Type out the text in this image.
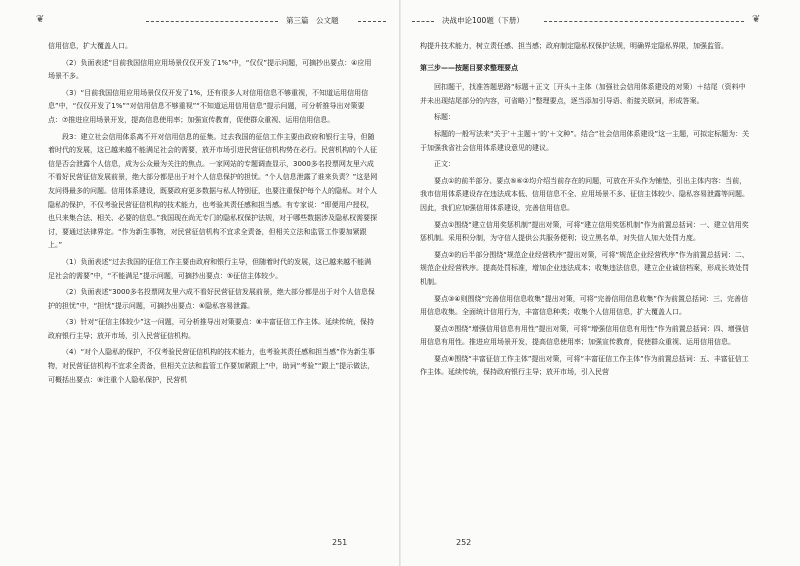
❦	第三篇　公文题	决战申论100题（下册）	❦

信用信息，扩大覆盖人口。

（2）负面表述“目前我国信用应用场景仅仅开发了1%”中，“仅仅”提示问题，可摘抄出要点：④应用场景不多。

（3）“目前我国信用应用场景仅仅开发了1%，还有很多人对信用信息不够重视，不知道运用信用信息”中，“仅仅开发了1%”“对信用信息不够重视”“不知道运用信用信息”提示问题，可分析推导出对策要点：⑦推进应用场景开发，提高信息使用率；加强宣传教育，促使群众重视、运用信用信息。

段3：建立社会信用体系离不开对信用信息的征集。过去我国的征信工作主要由政府和银行主导，但随着时代的发展，这已越来越不能满足社会的需要，放开市场引进民营征信机构势在必行。民营机构的个人征信是否会泄露个人信息，成为公众最为关注的焦点。一家网站的专题调查显示，3000多名投票网友里六成不看好民营征信发展前景，绝大部分都是出于对个人信息保护的担忧。“个人信息泄露了谁来负责？”这是网友问得最多的问题。信用体系建设，既要政府更多数据与私人特别征，也要注重保护每个人的隐私。对个人隐私的保护，不仅考验民营征信机构的技术能力，也考验其责任感和担当感。有专家说：“即便用户授权，也只来集合法、相关、必要的信息。”我国现在尚无专门的隐私权保护法规，对于哪些数据涉及隐私权需要探讨，要通过法律界定。“作为新生事物，对民营征信机构不宜求全责备，但相关立法和监管工作要加紧跟上。”

（1）负面表述“过去我国的征信工作主要由政府和银行主导，但随着时代的发展，这已越来越不能满足社会的需要”中，“不能满足”提示问题，可摘抄出要点：⑤征信主体较少。

（2）负面表述“3000多名投票网友里六成不看好民营征信发展前景，绝大部分都是出于对个人信息保护的担忧”中，“担忧”提示问题，可摘抄出要点：⑥隐私容易泄露。

（3）针对“征信主体较少”这一问题，可分析推导出对策要点：⑧丰富征信工作主体。延续传统，保持政府银行主导；放开市场，引入民营征信机构。

（4）“对个人隐私的保护，不仅考验民营征信机构的技术能力，也考验其责任感和担当感”作为新生事物，对民营征信机构不宜求全责备，但相关立法和监管工作要加紧跟上”中，助词“考验”“跟上”提示做法，可概括出要点：⑨注重个人隐私保护，民营机

251

构提升技术能力，树立责任感、担当感；政府制定隐私权保护法规，明确界定隐私界限，加强监管。

第三步——按题目要求整理要点

回扣题干，找准答题思路“标题＋正文［开头＋主体（加强社会信用体系建设的对策）＋结尾（资料中并未出现结尾部分的内容，可省略）］”整理要点，逐当添加引导语、衔接关联词，形成答案。

标题：

标题的一般写法来“关于’＋主题＋‘的’＋文种”。结合“社会信用体系建设”这一主题，可拟定标题为：关于加强我省社会信用体系建设意见的建议。

正文：

要点①的前半部分、要点⑤⑥②均介绍当前存在的问题，可放在开头作为铺垫，引出主体内容：当前，我市信用体系建设存在违法成本低、信用信息不全、应用场景不多、征信主体较少、隐私容易泄露等问题。因此，我们应加强信用体系建设，完善信用信息。

要点①围绕“建立信用奖惩机制”提出对策，可将“建立信用奖惩机制”作为前置总括词：一、建立信用奖惩机制。采用积分制，为守信人提供公共服务便利；设立黑名单，对失信人加大处罚力度。

要点②的后半部分围绕“规范企业经营秩序”提出对策，可将“规范企业经营秩序”作为前置总括词：二、规范企业经营秩序。提高处罚标准，增加企业违法成本；收集违法信息，建立企业诚信档案，形成长效处罚机制。

要点③④则围绕“完善信用信息收集”提出对策，可将“完善信用信息收集”作为前置总括词：三、完善信用信息收集。全面统计信用行为，丰富信息种类；收集个人信用信息，扩大覆盖人口。

要点⑦围绕“增强信用信息有用性”提出对策，可将“增强信用信息有用性”作为前置总括词：四、增强信用信息有用性。推进应用场景开发，提高信息使用率；加强宣传教育，促使群众重视、运用信用信息。

要点⑧围绕“丰富征信工作主体”提出对策，可将“丰富征信工作主体”作为前置总括词：五、丰富征信工作主体。延续传统，保持政府银行主导；放开市场，引入民营

252
